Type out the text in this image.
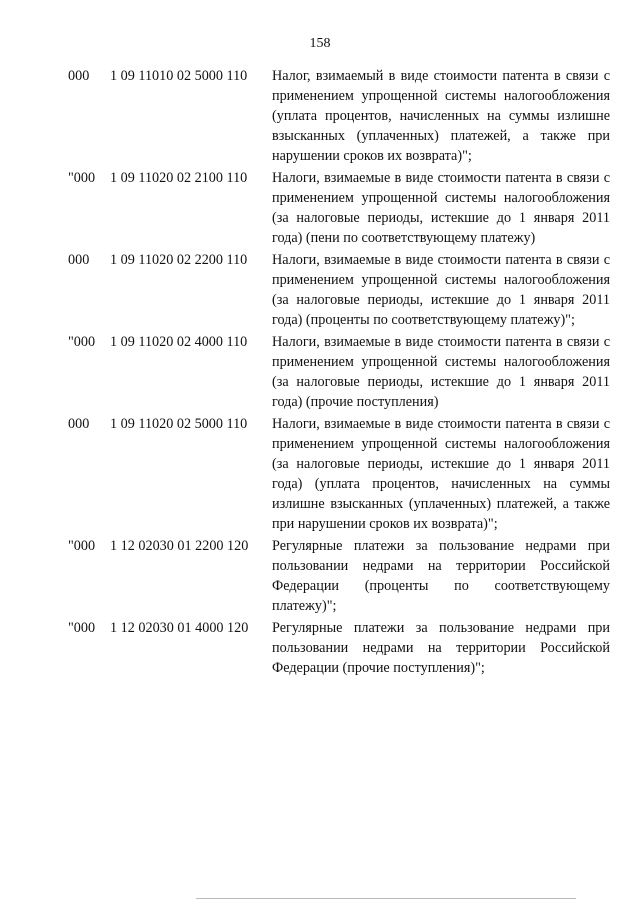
158
000 1 09 11010 02 5000 110 Налог, взимаемый в виде стоимости патента в связи с применением упрощенной системы налогообложения (уплата процентов, начисленных на суммы излишне взысканных (уплаченных) платежей, а также при нарушении сроков их возврата)";
"000 1 09 11020 02 2100 110 Налоги, взимаемые в виде стоимости патента в связи с применением упрощенной системы налогообложения (за налоговые периоды, истекшие до 1 января 2011 года) (пени по соответствующему платежу)
000 1 09 11020 02 2200 110 Налоги, взимаемые в виде стоимости патента в связи с применением упрощенной системы налогообложения (за налоговые периоды, истекшие до 1 января 2011 года) (проценты по соответствующему платежу)";
"000 1 09 11020 02 4000 110 Налоги, взимаемые в виде стоимости патента в связи с применением упрощенной системы налогообложения (за налоговые периоды, истекшие до 1 января 2011 года) (прочие поступления)
000 1 09 11020 02 5000 110 Налоги, взимаемые в виде стоимости патента в связи с применением упрощенной системы налогообложения (за налоговые периоды, истекшие до 1 января 2011 года) (уплата процентов, начисленных на суммы излишне взысканных (уплаченных) платежей, а также при нарушении сроков их возврата)";
"000 1 12 02030 01 2200 120 Регулярные платежи за пользование недрами при пользовании недрами на территории Российской Федерации (проценты по соответствующему платежу)";
"000 1 12 02030 01 4000 120 Регулярные платежи за пользование недрами при пользовании недрами на территории Российской Федерации (прочие поступления)";
